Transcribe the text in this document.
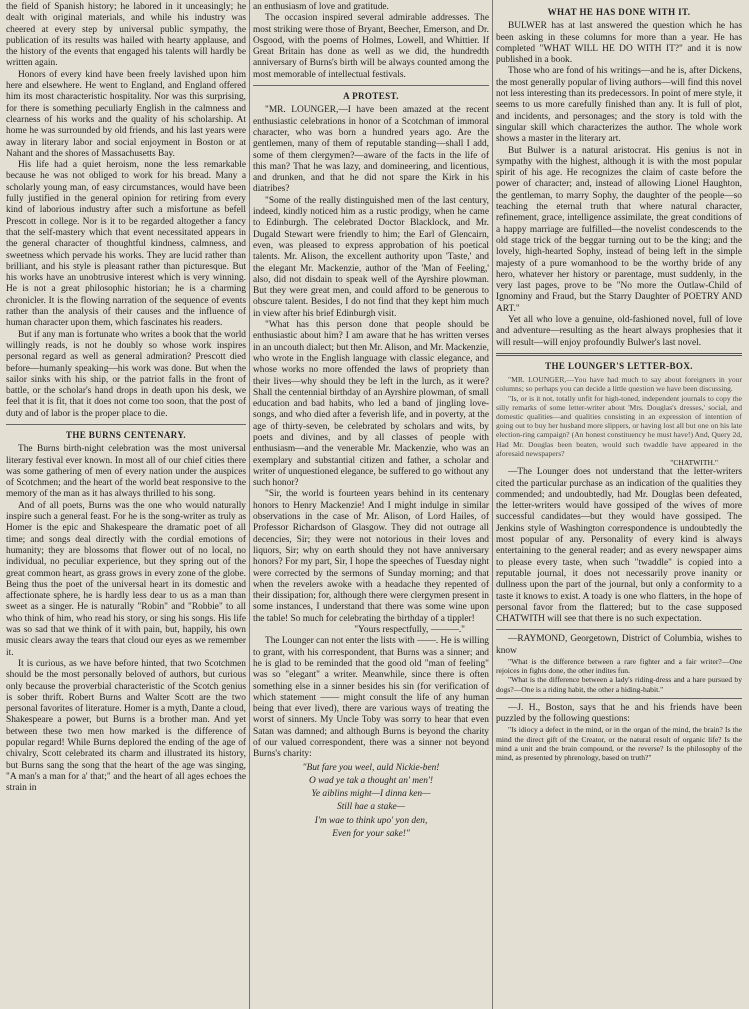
the field of Spanish history; he labored in it unceasingly; he dealt with original materials, and while his industry was cheered at every step by universal public sympathy, the publication of its results was hailed with hearty applause, and the history of the events that engaged his talents will hardly be written again.

Honors of every kind have been freely lavished upon him here and elsewhere. He went to England, and England offered him its most characteristic hospitality. Nor was this surprising, for there is something peculiarly English in the calmness and clearness of his works and the quality of his scholarship. At home he was surrounded by old friends, and his last years were away in literary labor and social enjoyment in Boston or at Nahant and the shores of Massachusetts Bay.

His life had a quiet heroism, none the less remarkable because he was not obliged to work for his bread. Many a scholarly young man, of easy circumstances, would have been fully justified in the general opinion for retiring from every kind of laborious industry after such a misfortune as befell Prescott in college. Nor is it to be regarded altogether a fancy that the self-mastery which that event necessitated appears in the general character of thoughtful kindness, calmness, and sweetness which pervade his works. They are lucid rather than brilliant, and his style is pleasant rather than picturesque. But his works have an unobtrusive interest which is very winning. He is not a great philosophic historian; he is a charming chronicler. It is the flowing narration of the sequence of events rather than the analysis of their causes and the influence of human character upon them, which fascinates his readers.

But if any man is fortunate who writes a book that the world willingly reads, is not he doubly so whose work inspires personal regard as well as general admiration? Prescott died before—humanly speaking—his work was done. But when the sailor sinks with his ship, or the patriot falls in the front of battle, or the scholar's hand drops in death upon his desk, we feel that it is fit, that it does not come too soon, that the post of duty and of labor is the proper place to die.

THE BURNS CENTENARY.

The Burns birth-night celebration was the most universal literary festival ever known. In most all of our chief cities there was some gathering of men of every nation under the auspices of Scotchmen; and the heart of the world beat responsive to the memory of the man as it has always thrilled to his song.

And of all poets, Burns was the one who would naturally inspire such a general feast. For he is the song-writer as truly as Homer is the epic and Shakespeare the dramatic poet of all time; and songs deal directly with the cordial emotions of humanity; they are blossoms that flower out of no local, no individual, no peculiar experience, but they spring out of the great common heart, as grass grows in every zone of the globe. Being thus the poet of the universal heart in its domestic and affectionate sphere, he is hardly less dear to us as a man than sweet as a singer. He is naturally "Robin" and "Robbie" to all who think of him, who read his story, or sing his songs. His life was so sad that we think of it with pain, but, happily, his own music clears away the tears that cloud our eyes as we remember it.

It is curious, as we have before hinted, that two Scotchmen should be the most personally beloved of authors, but curious only because the proverbial characteristic of the Scotch genius is sober thrift. Robert Burns and Walter Scott are the two personal favorites of literature. Homer is a myth, Dante a cloud, Shakespeare a power, but Burns is a brother man. And yet between these two men how marked is the difference of popular regard! While Burns deplored the ending of the age of chivalry, Scott celebrated its charm and illustrated its history, but Burns sang the song that the heart of the age was singing, "A man's a man for a' that;" and the heart of all ages echoes the strain in

an enthusiasm of love and gratitude.

The occasion inspired several admirable addresses. The most striking were those of Bryant, Beecher, Emerson, and Dr. Osgood, with the poems of Holmes, Lowell, and Whittier. If Great Britain has done as well as we did, the hundredth anniversary of Burns's birth will be always counted among the most memorable of intellectual festivals.

A PROTEST.

"MR. LOUNGER,—I have been amazed at the recent enthusiastic celebrations in honor of a Scotchman of immoral character, who was born a hundred years ago. Are the gentlemen, many of them of reputable standing—shall I add, some of them clergymen?—aware of the facts in the life of this man? That he was lazy, and domineering, and licentious, and drunken, and that he did not spare the Kirk in his diatribes?

"Some of the really distinguished men of the last century, indeed, kindly noticed him as a rustic prodigy, when he came to Edinburgh. The celebrated Doctor Blacklock, and Mr. Dugald Stewart were friendly to him; the Earl of Glencairn, even, was pleased to express approbation of his poetical talents. Mr. Alison, the excellent authority upon 'Taste,' and the elegant Mr. Mackenzie, author of the 'Man of Feeling,' also, did not disdain to speak well of the Ayrshire plowman. But they were great men, and could afford to be generous to obscure talent. Besides, I do not find that they kept him much in view after his brief Edinburgh visit.

"What has this person done that people should be enthusiastic about him? I am aware that he has written verses in an uncouth dialect; but then Mr. Alison, and Mr. Mackenzie, who wrote in the English language with classic elegance, and whose works no more offended the laws of propriety than their lives—why should they be left in the lurch, as it were? Shall the centennial birthday of an Ayrshire plowman, of small education and bad habits, who led a band of jingling love-songs, and who died after a feverish life, and in poverty, at the age of thirty-seven, be celebrated by scholars and wits, by poets and divines, and by all classes of people with enthusiasm—and the venerable Mr. Mackenzie, who was an exemplary and substantial citizen and father, a scholar and writer of unquestioned elegance, be suffered to go without any such honor?

"Sir, the world is fourteen years behind in its centenary honors to Henry Mackenzie! And I might indulge in similar observations in the case of Mr. Alison, of Lord Hailes, of Professor Richardson of Glasgow. They did not outrage all decencies, Sir; they were not notorious in their loves and liquors, Sir; why on earth should they not have anniversary honors? For my part, Sir, I hope the speeches of Tuesday night were corrected by the sermons of Sunday morning; and that when the revelers awoke with a headache they repented of their dissipation; for, although there were clergymen present in some instances, I understand that there was some wine upon the table! So much for celebrating the birthday of a tippler!

"Yours respectfully, ———."

The Lounger can not enter the lists with ——. He is willing to grant, with his correspondent, that Burns was a sinner; and he is glad to be reminded that the good old "man of feeling" was so "elegant" a writer. Meanwhile, since there is often something else in a sinner besides his sin (for verification of which statement —— might consult the life of any human being that ever lived), there are various ways of treating the worst of sinners. My Uncle Toby was sorry to hear that even Satan was damned; and although Burns is beyond the charity of our valued correspondent, there was a sinner not beyond Burns's charity:

"But fare you weel, auld Nickie-ben!
O wad ye tak a thought an' men'!
Ye aiblins might—I dinna ken—
Still hae a stake—
I'm wae to think upo' yon den,
Even for your sake!"
WHAT HE HAS DONE WITH IT.

BULWER has at last answered the question which he has been asking in these columns for more than a year. He has completed "WHAT WILL HE DO WITH IT?" and it is now published in a book.

Those who are fond of his writings—and he is, after Dickens, the most generally popular of living authors—will find this novel not less interesting than its predecessors. In point of mere style, it seems to us more carefully finished than any. It is full of plot, and incidents, and personages; and the story is told with the singular skill which characterizes the author. The whole work shows a master in the literary art.

But Bulwer is a natural aristocrat. His genius is not in sympathy with the highest, although it is with the most popular spirit of his age. He recognizes the claim of caste before the power of character; and, instead of allowing Lionel Haughton, the gentleman, to marry Sophy, the daughter of the people—so teaching the eternal truth that where natural character, refinement, grace, intelligence assimilate, the great conditions of a happy marriage are fulfilled—the novelist condescends to the old stage trick of the beggar turning out to be the king; and the lovely, high-hearted Sophy, instead of being left in the simple majesty of a pure womanhood to be the worthy bride of any hero, whatever her history or parentage, must suddenly, in the very last pages, prove to be "No more the Outlaw-Child of Ignominy and Fraud, but the Starry Daughter of POETRY AND ART."

Yet all who love a genuine, old-fashioned novel, full of love and adventure—resulting as the heart always prophesies that it will result—will enjoy profoundly Bulwer's last novel.

THE LOUNGER'S LETTER-BOX.

"MR. LOUNGER,—You have had much to say about foreigners in your columns; so perhaps you can decide a little question we have been discussing.

"Is, or is it not, totally unfit for high-toned, independent journals to copy the silly remarks of some letter-writer about 'Mrs. Douglas's dresses,' social, and domestic qualities—and qualities consisting in an expression of intention of going out to buy her husband more slippers, or having lost all but one on his late election-ring campaign? (An honest constituency he must have!) And, Query 2d, Had Mr. Douglas been beaten, would such twaddle have appeared in the aforesaid newspapers?

"CHATWITH."

—The Lounger does not understand that the letter-writers cited the particular purchase as an indication of the qualities they commended; and undoubtedly, had Mr. Douglas been defeated, the letter-writers would have gossiped of the wives of more successful candidates—but they would have gossiped. The Jenkins style of Washington correspondence is undoubtedly the most popular of any. Personality of every kind is always entertaining to the general reader; and as every newspaper aims to please every taste, when such "twaddle" is copied into a reputable journal, it does not necessarily prove inanity or dullness upon the part of the journal, but only a conformity to a taste it knows to exist. A toady is one who flatters, in the hope of personal favor from the flattered; but to the case supposed CHATWITH will see that there is no such expectation.

—RAYMOND, Georgetown, District of Columbia, wishes to know

"What is the difference between a rare fighter and a fair writer?—One rejoices in fights done, the other indites fun.

"What is the difference between a lady's riding-dress and a hare pursued by dogs?—One is a riding habit, the other a hiding-habit."

—J. H., Boston, says that he and his friends have been puzzled by the following questions:

"Is idiocy a defect in the mind, or in the organ of the mind, the brain? Is the mind the direct gift of the Creator, or the natural result of organic life? Is the mind a unit and the brain compound, or the reverse? Is the philosophy of the mind, as presented by phrenology, based on truth?"
